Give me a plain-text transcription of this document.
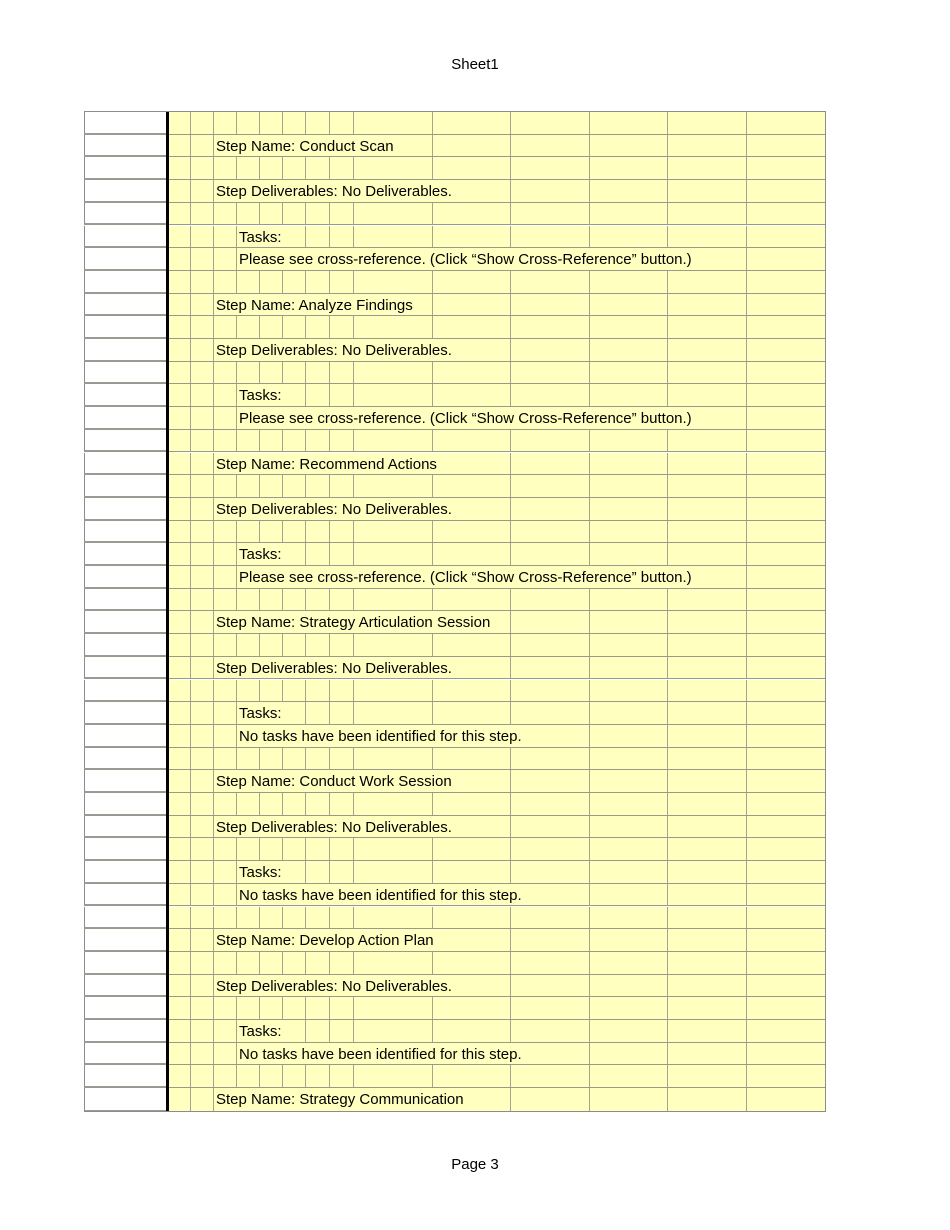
Sheet1
Step Name: Conduct Scan
Step Deliverables: No Deliverables.
Tasks:
Please see cross-reference. (Click “Show Cross-Reference” button.)
Step Name: Analyze Findings
Step Deliverables: No Deliverables.
Tasks:
Please see cross-reference. (Click “Show Cross-Reference” button.)
Step Name: Recommend Actions
Step Deliverables: No Deliverables.
Tasks:
Please see cross-reference. (Click “Show Cross-Reference” button.)
Step Name: Strategy Articulation Session
Step Deliverables: No Deliverables.
Tasks:
No tasks have been identified for this step.
Step Name: Conduct Work Session
Step Deliverables: No Deliverables.
Tasks:
No tasks have been identified for this step.
Step Name: Develop Action Plan
Step Deliverables: No Deliverables.
Tasks:
No tasks have been identified for this step.
Step Name: Strategy Communication
Page 3
